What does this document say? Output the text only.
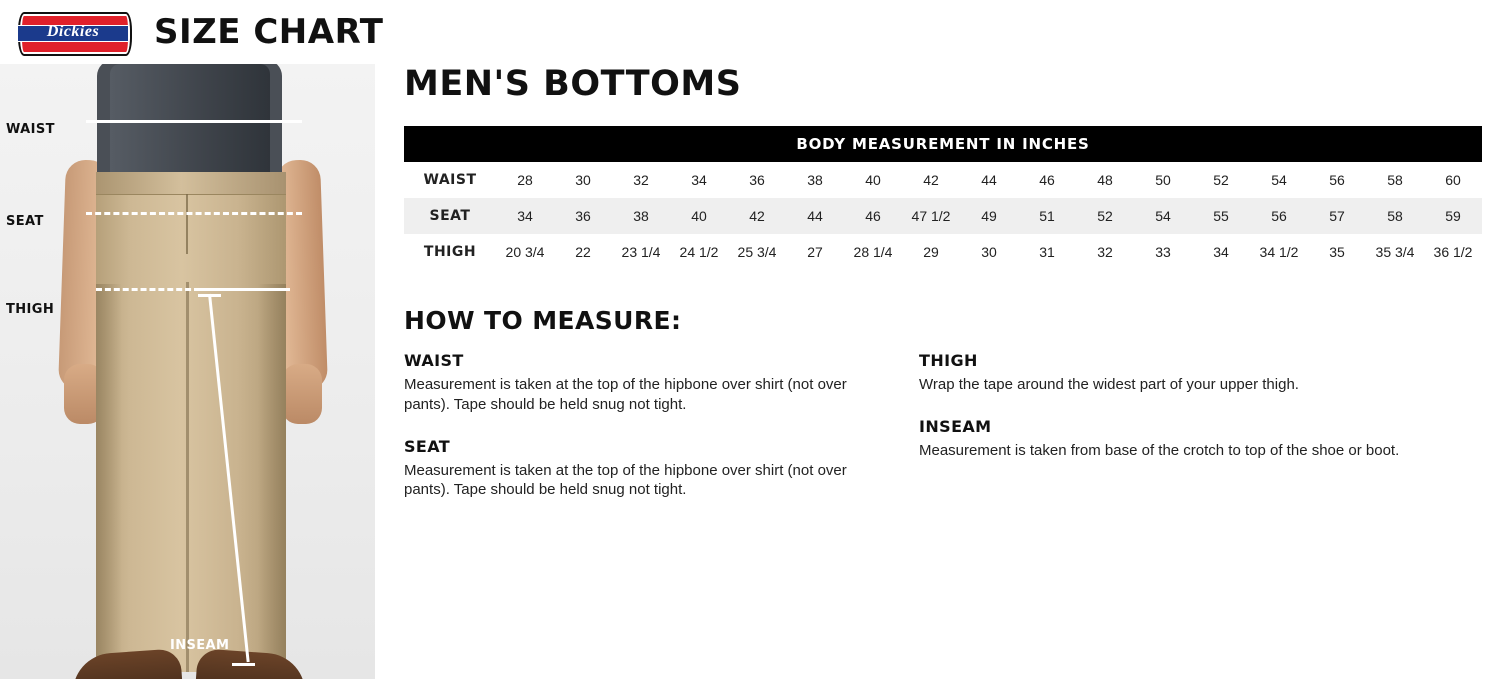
Dickies	SIZE CHART
WAIST
SEAT
THIGH
INSEAM
MEN'S BOTTOMS
BODY MEASUREMENT IN INCHES
WAIST	28	30	32	34	36	38	40	42	44	46	48	50	52	54	56	58	60
SEAT	34	36	38	40	42	44	46	47 1/2	49	51	52	54	55	56	57	58	59
THIGH	20 3/4	22	23 1/4	24 1/2	25 3/4	27	28 1/4	29	30	31	32	33	34	34 1/2	35	35 3/4	36 1/2
HOW TO MEASURE:
WAIST
Measurement is taken at the top of the hipbone over shirt (not over pants). Tape should be held snug not tight.
SEAT
Measurement is taken at the top of the hipbone over shirt (not over pants). Tape should be held snug not tight.
THIGH
Wrap the tape around the widest part of your upper thigh.
INSEAM
Measurement is taken from base of the crotch to top of the shoe or boot.
